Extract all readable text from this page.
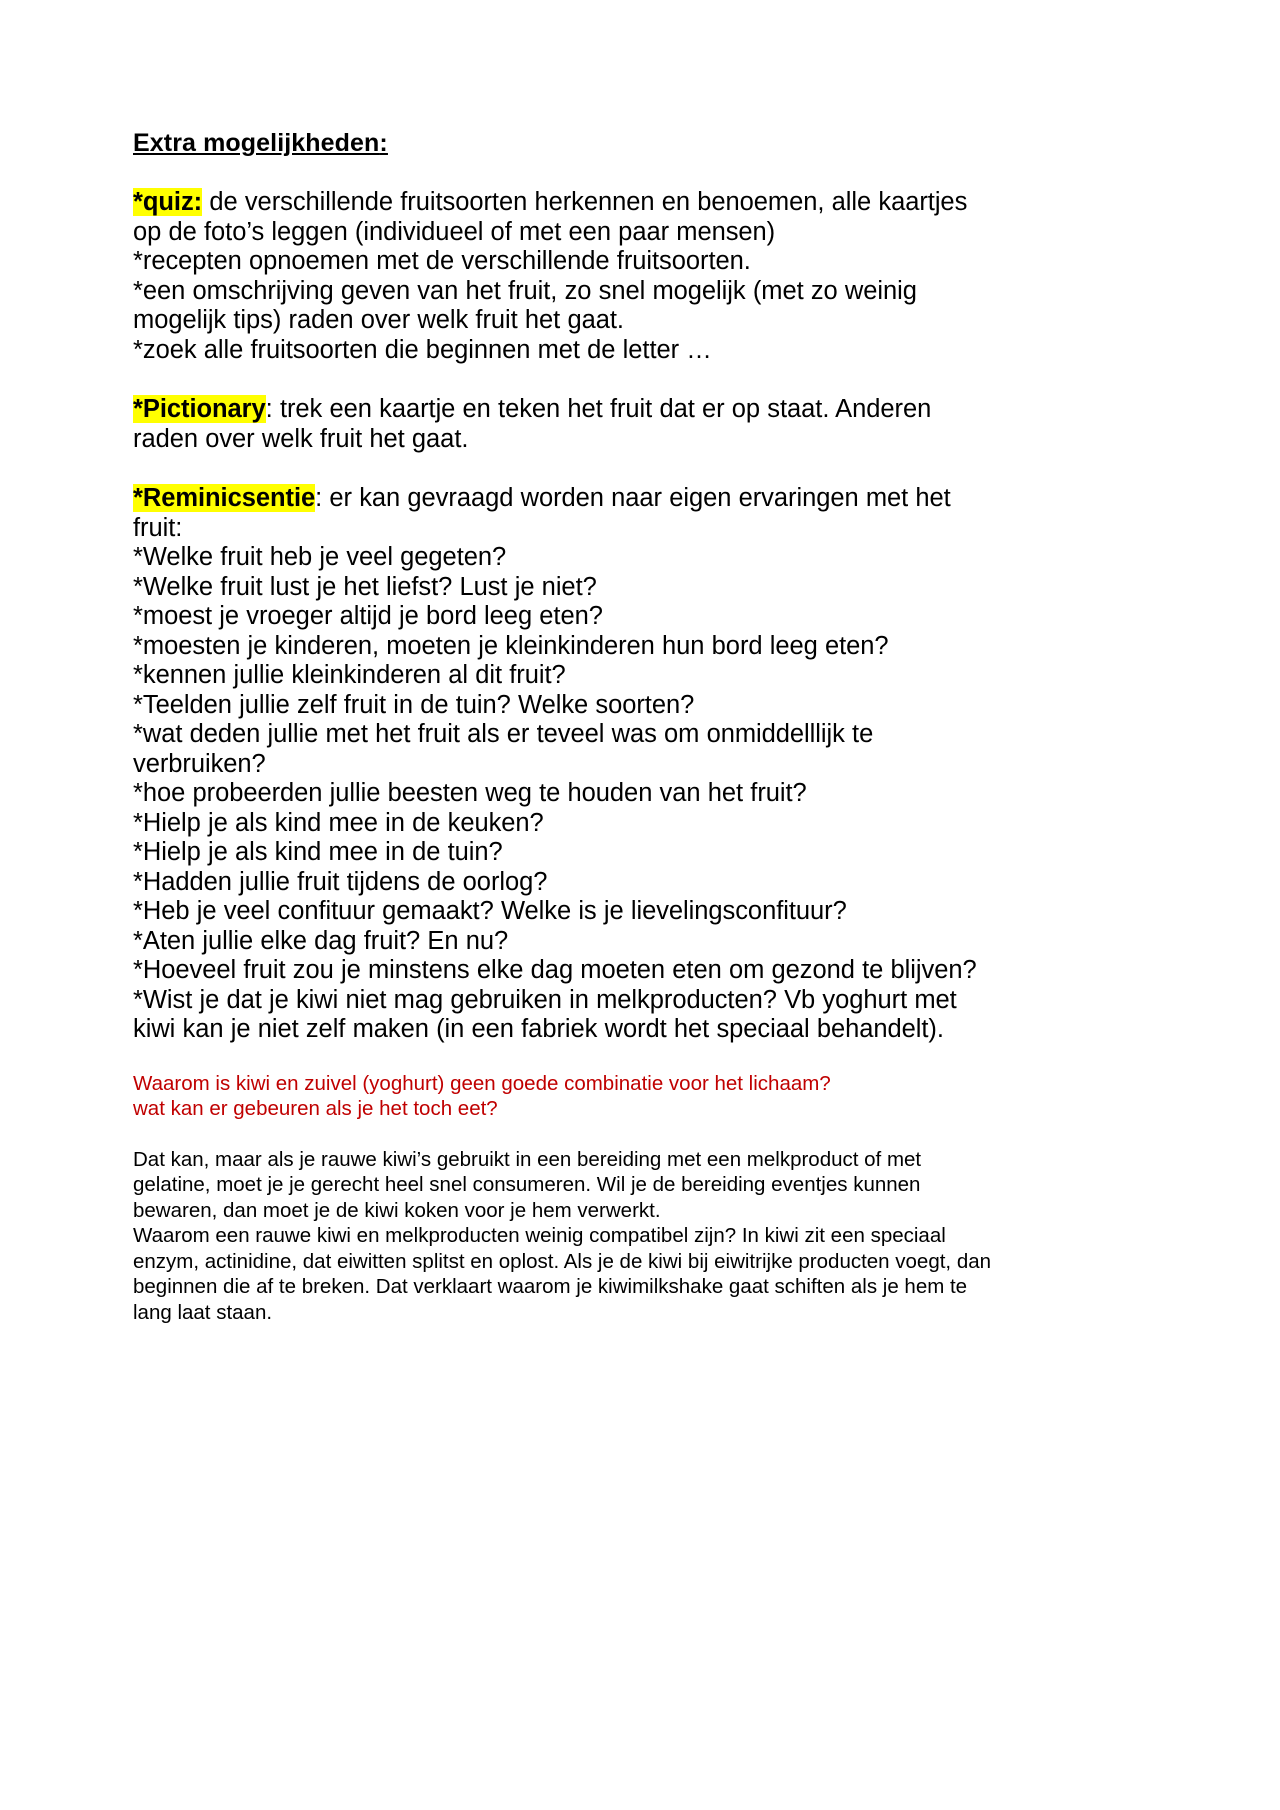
Extra mogelijkheden:
*quiz: de verschillende fruitsoorten herkennen en benoemen, alle kaartjes op de foto’s leggen (individueel of met een paar mensen)
*recepten opnoemen met de verschillende fruitsoorten.
*een omschrijving geven van het fruit, zo snel mogelijk (met zo weinig mogelijk tips) raden over welk fruit het gaat.
*zoek alle fruitsoorten die beginnen met de letter …
*Pictionary: trek een kaartje en teken het fruit dat er op staat. Anderen raden over welk fruit het gaat.
*Reminicsentie: er kan gevraagd worden naar eigen ervaringen met het fruit:
*Welke fruit heb je veel gegeten?
*Welke fruit lust je het liefst? Lust je niet?
*moest je vroeger altijd je bord leeg eten?
*moesten je kinderen, moeten je kleinkinderen hun bord leeg eten?
*kennen jullie kleinkinderen al dit fruit?
*Teelden jullie zelf fruit in de tuin? Welke soorten?
*wat deden jullie met het fruit als er teveel was om onmiddelllijk te verbruiken?
*hoe probeerden jullie beesten weg te houden van het fruit?
*Hielp je als kind mee in de keuken?
*Hielp je als kind mee in de tuin?
*Hadden jullie fruit tijdens de oorlog?
*Heb je veel confituur gemaakt? Welke is je lievelingsconfituur?
*Aten jullie elke dag fruit? En nu?
*Hoeveel fruit zou je minstens elke dag moeten eten om gezond te blijven?
*Wist je dat je kiwi niet mag gebruiken in melkproducten? Vb yoghurt met kiwi kan je niet zelf maken (in een fabriek wordt het speciaal behandelt).
Waarom is kiwi en zuivel (yoghurt) geen goede combinatie voor het lichaam?
wat kan er gebeuren als je het toch eet?
Dat kan, maar als je rauwe kiwi’s gebruikt in een bereiding met een melkproduct of met gelatine, moet je je gerecht heel snel consumeren. Wil je de bereiding eventjes kunnen bewaren, dan moet je de kiwi koken voor je hem verwerkt.
Waarom een rauwe kiwi en melkproducten weinig compatibel zijn? In kiwi zit een speciaal enzym, actinidine, dat eiwitten splitst en oplost. Als je de kiwi bij eiwitrijke producten voegt, dan beginnen die af te breken. Dat verklaart waarom je kiwimilkshake gaat schiften als je hem te lang laat staan.
